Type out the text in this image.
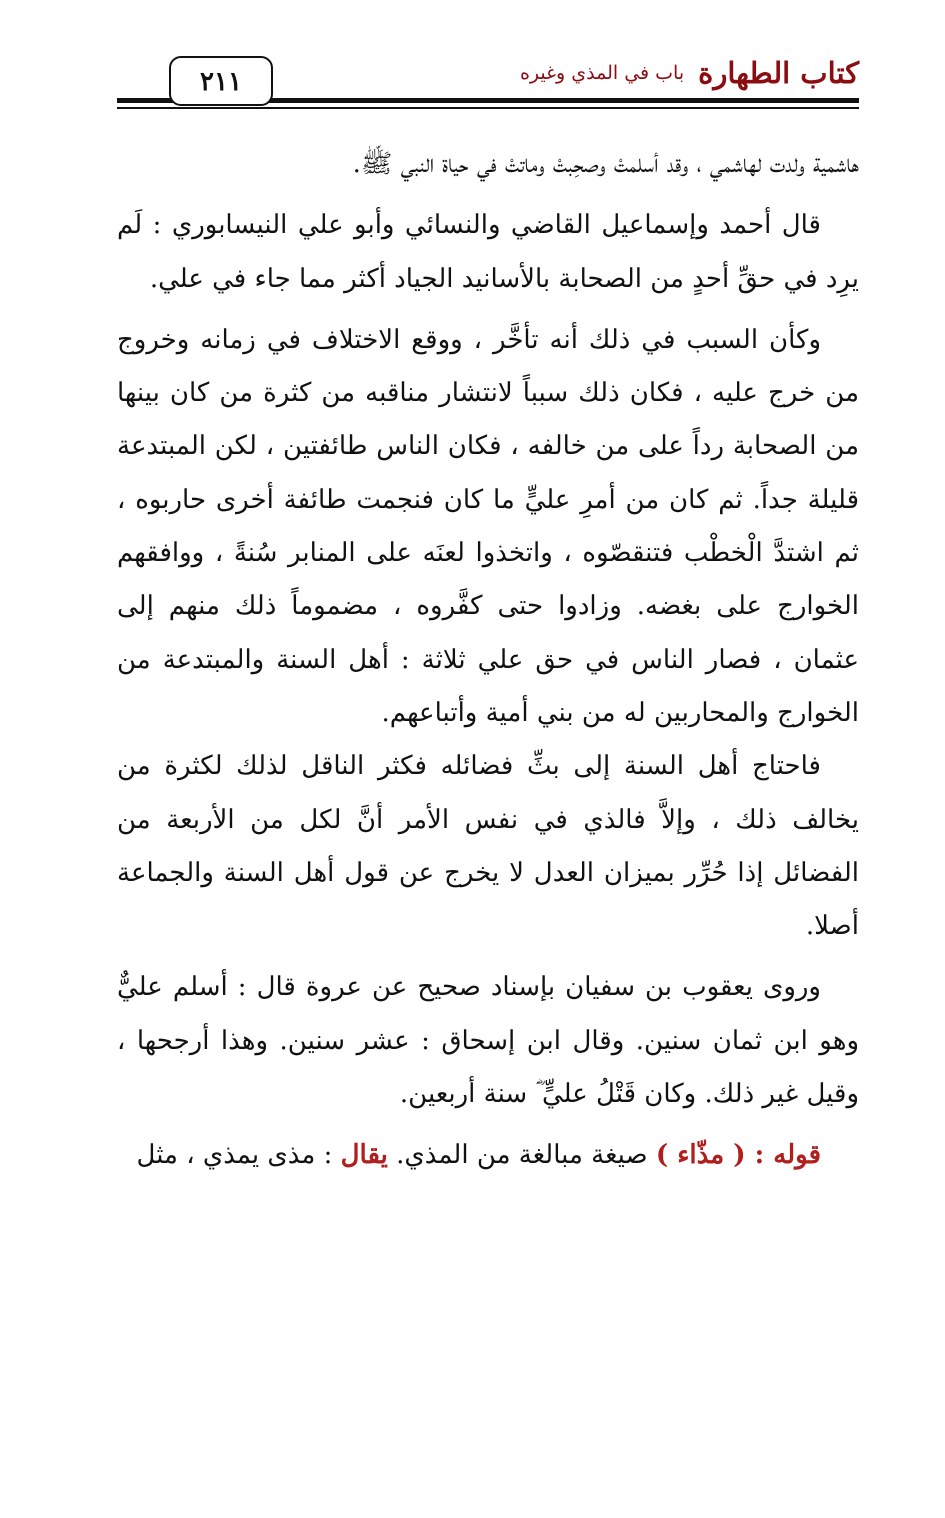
٢١١	كتاب الطهارة
باب في المذي وغيره

هاشمية ولدت لهاشمي ، وقد أسلمتْ وصحِبتْ وماتتْ في حياة النبي ﷺ.

قال أحمد وإسماعيل القاضي والنسائي وأبو علي النيسابوري : لَم يرِد في حقِّ أحدٍ من الصحابة بالأسانيد الجياد أكثر مما جاء في علي.

وكأن السبب في ذلك أنه تأخَّر ، ووقع الاختلاف في زمانه وخروج من خرج عليه ، فكان ذلك سبباً لانتشار مناقبه من كثرة من كان بينها من الصحابة رداً على من خالفه ، فكان الناس طائفتين ، لكن المبتدعة قليلة جداً. ثم كان من أمرِ عليٍّ ما كان فنجمت طائفة أخرى حاربوه ، ثم اشتدَّ الْخطْب فتنقصّوه ، واتخذوا لعنَه على المنابر سُنةً ، ووافقهم الخوارج على بغضه. وزادوا حتى كفَّروه ، مضموماً ذلك منهم إلى عثمان ، فصار الناس في حق علي ثلاثة : أهل السنة والمبتدعة من الخوارج والمحاربين له من بني أمية وأتباعهم.

فاحتاج أهل السنة إلى بثِّ فضائله فكثر الناقل لذلك لكثرة من يخالف ذلك ، وإلاَّ فالذي في نفس الأمر أنَّ لكل من الأربعة من الفضائل إذا حُرِّر بميزان العدل لا يخرج عن قول أهل السنة والجماعة أصلا.

وروى يعقوب بن سفيان بإسناد صحيح عن عروة قال : أسلم عليٌّ وهو ابن ثمان سنين. وقال ابن إسحاق : عشر سنين. وهذا أرجحها ، وقيل غير ذلك. وكان قَتْلُ عليٍّ ؓ سنة أربعين.

قوله : ( مذّاء ) صيغة مبالغة من المذي. يقال : مذى يمذي ، مثل
